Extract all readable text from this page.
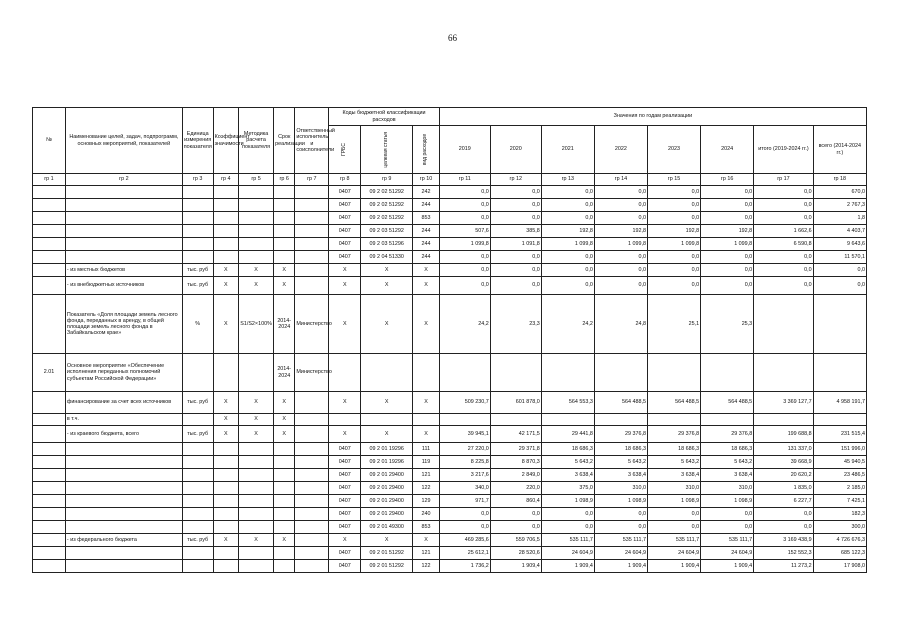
66
№	Наименование целей, задач, подпрограмм, основных мероприятий, показателей	Единица измерения показателя	Коэффициент значимости	Методика расчета показателя	Срок реализации	Ответственный исполнитель и соисполнители	Коды бюджетной классификации расходов			Значения по годам реализации							

							ГРБС	целевая статья	вид расходов	2019	2020	2021	2022	2023	2024	итого (2019-2024 гг.)	всего (2014-2024 гг.)
гр 1	гр 2	гр 3	гр 4	гр 5	гр 6	гр 7	гр 8	гр 9	гр 10	гр 11	гр 12	гр 13	гр 14	гр 15	гр 16	гр 17	гр 18
							0407	09 2 02 51292	242	0,0	0,0	0,0	0,0	0,0	0,0	0,0	670,0
							0407	09 2 02 51292	244	0,0	0,0	0,0	0,0	0,0	0,0	0,0	2 767,3
							0407	09 2 02 51292	853	0,0	0,0	0,0	0,0	0,0	0,0	0,0	1,8
							0407	09 2 03 51292	244	507,6	385,8	192,8	192,8	192,8	192,8	1 662,6	4 403,7
							0407	09 2 03 51296	244	1 099,8	1 091,8	1 099,8	1 099,8	1 099,8	1 099,8	6 590,8	9 643,6
							0407	09 2 04 51330	244	0,0	0,0	0,0	0,0	0,0	0,0	0,0	11 570,1
	- из местных бюджетов	тыс. руб	Х	Х	Х		Х	Х	Х	0,0	0,0	0,0	0,0	0,0	0,0	0,0	0,0
	- из внебюджетных источников	тыс. руб	Х	Х	Х		Х	Х	Х	0,0	0,0	0,0	0,0	0,0	0,0	0,0	0,0
	Показатель «Доля площади земель лесного фонда, переданных в аренду, в общей площади земель лесного фонда в Забайкальском крае»	%	Х	S1/S2×100%	2014-2024	Министерство	Х	Х	Х	24,2	23,3	24,2	24,8	25,1	25,3		
2.01	Основное мероприятие «Обеспечение исполнения переданных полномочий субъектам Российской Федерации»				2014-2024	Министерство											
	финансирование за счет всех источников	тыс. руб	Х	Х	Х		Х	Х	Х	509 230,7	601 878,0	564 553,3	564 488,5	564 488,5	564 488,5	3 369 127,7	4 958 191,7
	в т.ч.		Х	Х	Х												
	- из краевого бюджета, всего	тыс. руб	Х	Х	Х		Х	Х	Х	39 945,1	42 171,5	29 441,8	29 376,8	29 376,8	29 376,8	199 688,8	231 515,4
							0407	09 2 01 19296	111	27 220,0	29 371,8	18 686,3	18 686,3	18 686,3	18 686,3	131 337,0	151 996,0
							0407	09 2 01 19296	119	8 225,8	8 870,3	5 643,2	5 643,2	5 643,2	5 643,2	39 668,9	45 940,5
							0407	09 2 01 29400	121	3 217,6	2 849,0	3 638,4	3 638,4	3 638,4	3 638,4	20 620,2	23 486,5
							0407	09 2 01 29400	122	340,0	220,0	375,0	310,0	310,0	310,0	1 835,0	2 185,0
							0407	09 2 01 29400	129	971,7	860,4	1 098,9	1 098,9	1 098,9	1 098,9	6 227,7	7 425,1
							0407	09 2 01 29400	240	0,0	0,0	0,0	0,0	0,0	0,0	0,0	182,3
							0407	09 2 01 49300	853	0,0	0,0	0,0	0,0	0,0	0,0	0,0	300,0
	- из федерального бюджета	тыс. руб	Х	Х	Х		Х	Х	Х	469 285,6	559 706,5	535 111,7	535 111,7	535 111,7	535 111,7	3 169 438,9	4 726 676,3
							0407	09 2 01 51292	121	25 612,1	28 520,6	24 604,9	24 604,9	24 604,9	24 604,9	152 552,3	685 122,3
							0407	09 2 01 51292	122	1 736,2	1 909,4	1 909,4	1 909,4	1 909,4	1 909,4	11 273,2	17 908,0
